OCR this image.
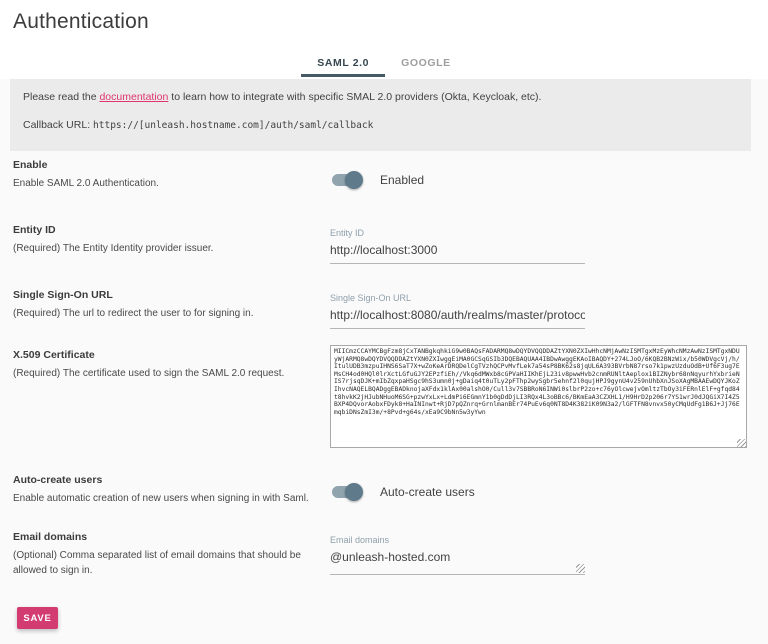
Authentication
SAML 2.0	GOOGLE
Please read the documentation to learn how to integrate with specific SMAL 2.0 providers (Okta, Keycloak, etc).
Callback URL: https://[unleash.hostname.com]/auth/saml/callback
Enable
Enable SAML 2.0 Authentication.	Enabled
Entity ID
(Required) The Entity Identity provider issuer.
Entity ID
http://localhost:3000
Single Sign-On URL
(Required) The url to redirect the user to for signing in.
Single Sign-On URL
http://localhost:8080/auth/realms/master/protocol/saml/cl
X.509 Certificate
(Required) The certificate used to sign the SAML 2.0 request.
MIICmzCCAYMCBgFzm8jCxTANBgkqhkiG9w0BAQsFADARMQ8wDQYDVQQDDAZtYXN0ZXIwHhcNMjAwNzISMTgxMzEyWhcNMzAwNzISMTgxNDUyWjARMQ8wDQYDVQQDDAZtYXN0ZXIwggEiMA0GCSqGSIb3DQEBAQUAA4IBDwAwggEKAoIBAQDY+274LJoO/6KQB2BNzWix/b50WDVgcVj/h/ItulUDB3mzpuIHNS6SaT7X+wZoKeArDRQDelCgTVzhQCPvMvfLek7a54sP8BK62s8jqUL6A393BVrbN87rso7k1pwzUzduOdB+Uf6F3ug7EMsCH4od0HQl0lrXctLGfuGJY2EPzfiEh//Vkq6dMWxb8cGPVaHIIKhEjL23iv8pwwHvb2cnmRUNltAeplox1BIZNybr68nNqyurhYxbrieNIS7rjsqDJK+mIbZqxpaHSgc9hS3umn0j+gDaiq4t0uTLy2pFThp2wySgbr5ehnf2l0qujHPJ9gynU4v259nUhbXnJSoXAgMBAAEwDQYJKoZIhvcNAQELBQADggEBADknojaXFdx1klAx00alshO0/Cull3v7SBBRoN6INWi0slbrP2zo+c76yOlcwejvOmltzTbOy3iFERnlElF+gfqd84t8hvkK2jHJubNHuoM6SG+pzwYxLx+LdmPi6EGmnY1b0gDdDjLI3RQx4L3oBBc6/BKmEaA3CZXHL1/H9HrD2p206r7YS1wrJ0dJQGiX7I4Z5BXP4DQvorAobxFDyk8+HaINInwt+RjD7pQZnrq+GrnlmanBEr74PuEv6q0NT8D4K382iK09N3a2/lGFTFN8vnvx50yCMqUdFg1B6J+Jj76EmqbiDNsZmI3m/+8Pvd+g64s/xEa9C9bNn5w3yYwn
Auto-create users
Enable automatic creation of new users when signing in with Saml.	Auto-create users
Email domains
(Optional) Comma separated list of email domains that should be allowed to sign in.
Email domains
@unleash-hosted.com
SAVE
